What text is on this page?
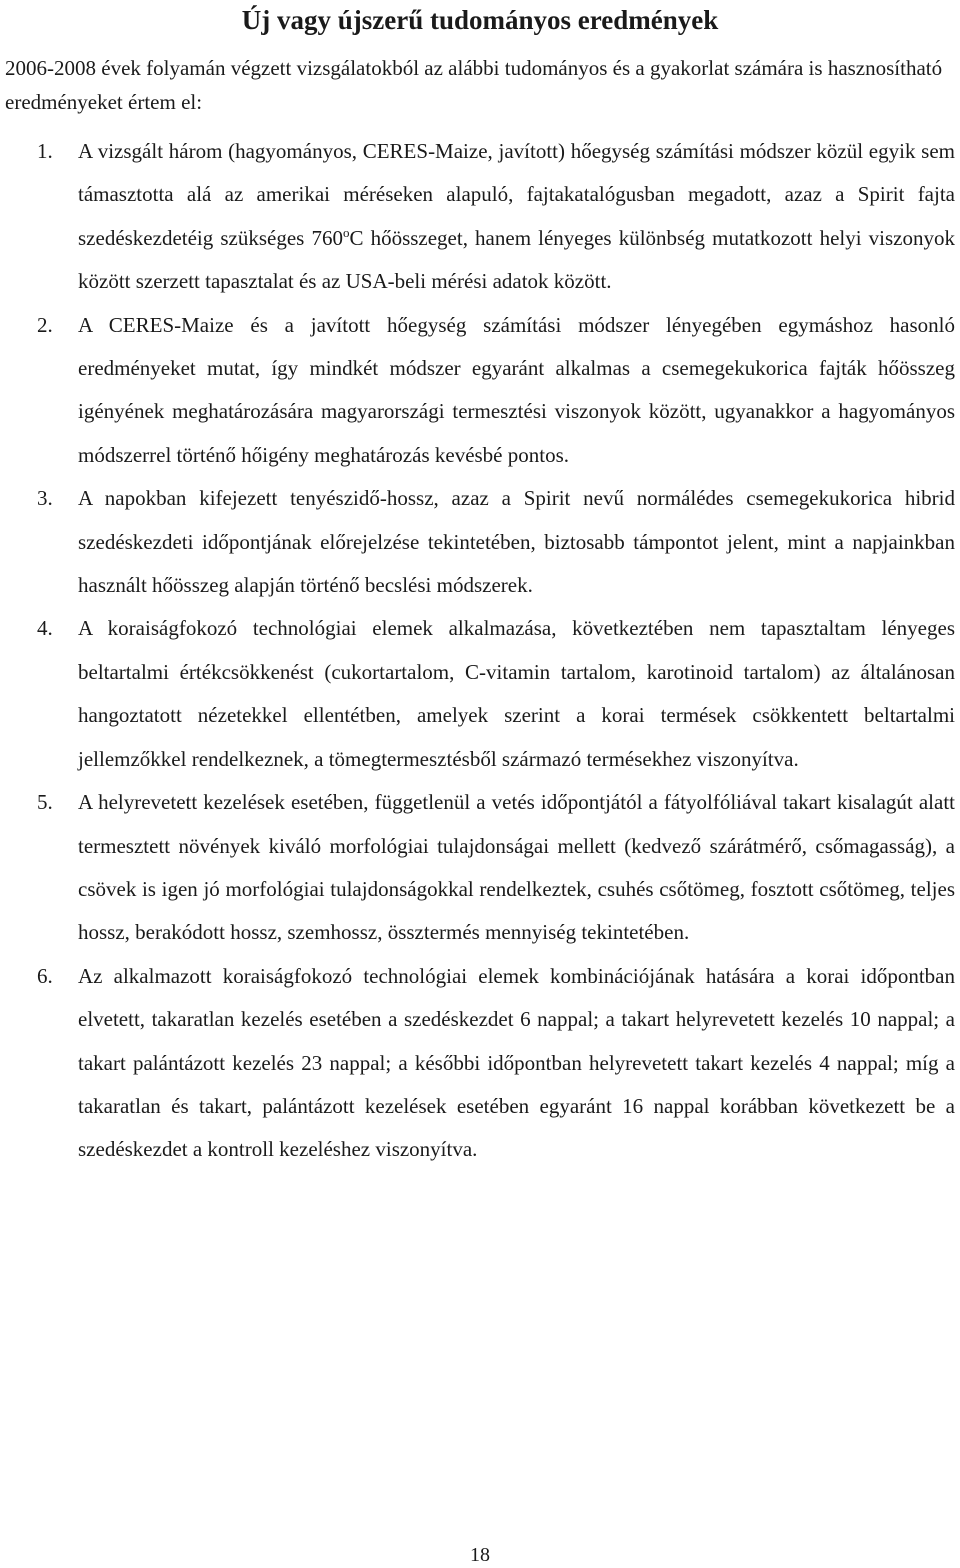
Új vagy újszerű tudományos eredmények

2006-2008 évek folyamán végzett vizsgálatokból az alábbi tudományos és a gyakorlat számára is hasznosítható eredményeket értem el:

1. A vizsgált három (hagyományos, CERES-Maize, javított) hőegység számítási módszer közül egyik sem támasztotta alá az amerikai méréseken alapuló, fajtakatalógusban megadott, azaz a Spirit fajta szedéskezdetéig szükséges 760$^o$C hőösszeget, hanem lényeges különbség mutatkozott helyi viszonyok között szerzett tapasztalat és az USA-beli mérési adatok között.
2. A CERES-Maize és a javított hőegység számítási módszer lényegében egymáshoz hasonló eredményeket mutat, így mindkét módszer egyaránt alkalmas a csemegekukorica fajták hőösszeg igényének meghatározására magyarországi termesztési viszonyok között, ugyanakkor a hagyományos módszerrel történő hőigény meghatározás kevésbé pontos.
3. A napokban kifejezett tenyészidő-hossz, azaz a Spirit nevű normálédes csemegekukorica hibrid szedéskezdeti időpontjának előrejelzése tekintetében, biztosabb támpontot jelent, mint a napjainkban használt hőösszeg alapján történő becslési módszerek.
4. A koraiságfokozó technológiai elemek alkalmazása, következtében nem tapasztaltam lényeges beltartalmi értékcsökkenést (cukortartalom, C-vitamin tartalom, karotinoid tartalom) az általánosan hangoztatott nézetekkel ellentétben, amelyek szerint a korai termések csökkentett beltartalmi jellemzőkkel rendelkeznek, a tömegtermesztésből származó termésekhez viszonyítva.
5. A helyrevetett kezelések esetében, függetlenül a vetés időpontjától a fátyolfóliával takart kisalagút alatt termesztett növények kiváló morfológiai tulajdonságai mellett (kedvező szárátmérő, csőmagasság), a csövek is igen jó morfológiai tulajdonságokkal rendelkeztek, csuhés csőtömeg, fosztott csőtömeg, teljes hossz, berakódott hossz, szemhossz, össztermés mennyiség tekintetében.
6. Az alkalmazott koraiságfokozó technológiai elemek kombinációjának hatására a korai időpontban elvetett, takaratlan kezelés esetében a szedéskezdet 6 nappal; a takart helyrevetett kezelés 10 nappal; a takart palántázott kezelés 23 nappal; a későbbi időpontban helyrevetett takart kezelés 4 nappal; míg a takaratlan és takart, palántázott kezelések esetében egyaránt 16 nappal korábban következett be a szedéskezdet a kontroll kezeléshez viszonyítva.

18
